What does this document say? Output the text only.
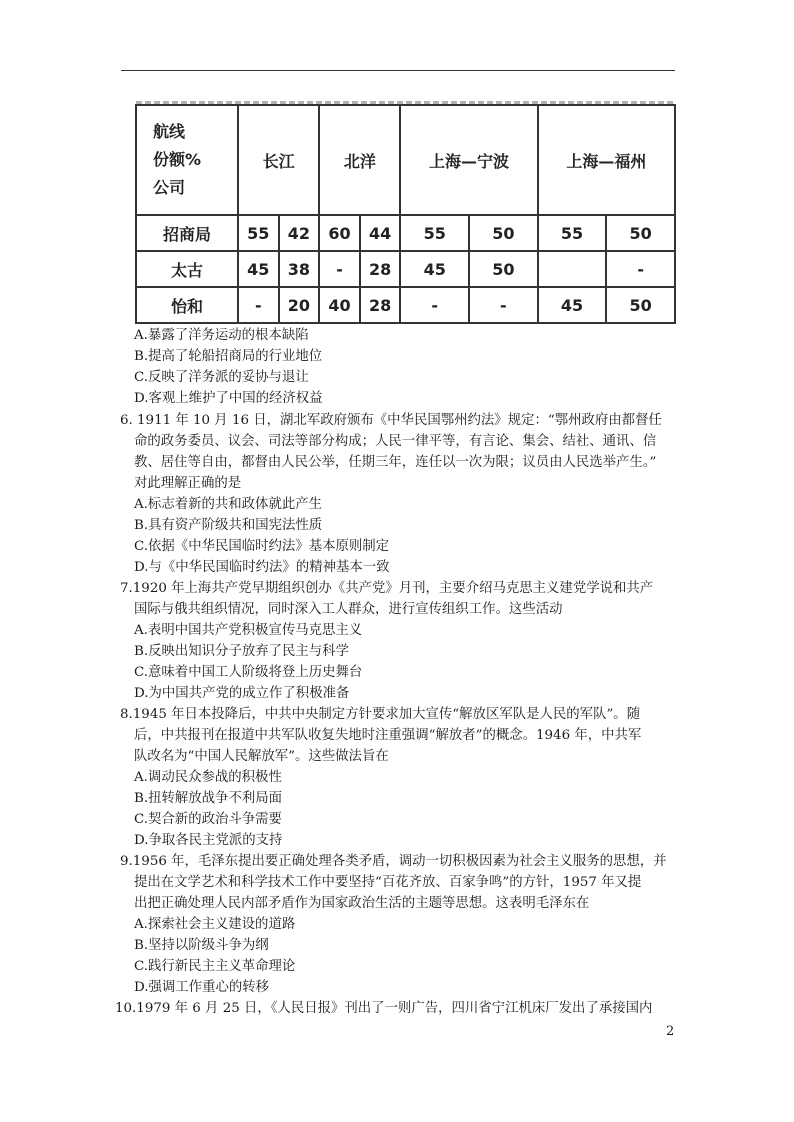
航线
份额%
公司	长江		北洋		上海—宁波		上海—福州	
招商局	55	42	60	44	55	50	55	50
太古	45	38	-	28	45	50		-
怡和	-	20	40	28	-	-	45	50
A.暴露了洋务运动的根本缺陷
B.提高了轮船招商局的行业地位
C.反映了洋务派的妥协与退让
D.客观上维护了中国的经济权益
6. 1911 年 10 月 16 日，湖北军政府颁布《中华民国鄂州约法》规定：“鄂州政府由都督任
命的政务委员、议会、司法等部分构成；人民一律平等，有言论、集会、结社、通讯、信
教、居住等自由，都督由人民公举，任期三年，连任以一次为限；议员由人民选举产生。”
对此理解正确的是
A.标志着新的共和政体就此产生
B.具有资产阶级共和国宪法性质
C.依据《中华民国临时约法》基本原则制定
D.与《中华民国临时约法》的精神基本一致
7.1920 年上海共产党早期组织创办《共产党》月刊，主要介绍马克思主义建党学说和共产
国际与俄共组织情况，同时深入工人群众，进行宣传组织工作。这些活动
A.表明中国共产党积极宣传马克思主义
B.反映出知识分子放弃了民主与科学
C.意味着中国工人阶级将登上历史舞台
D.为中国共产党的成立作了积极准备
8.1945 年日本投降后，中共中央制定方针要求加大宣传“解放区军队是人民的军队”。随
后，中共报刊在报道中共军队收复失地时注重强调“解放者”的概念。1946 年，中共军
队改名为“中国人民解放军”。这些做法旨在
A.调动民众参战的积极性
B.扭转解放战争不利局面
C.契合新的政治斗争需要
D.争取各民主党派的支持
9.1956 年，毛泽东提出要正确处理各类矛盾，调动一切积极因素为社会主义服务的思想，并
提出在文学艺术和科学技术工作中要坚持“百花齐放、百家争鸣”的方针，1957 年又提
出把正确处理人民内部矛盾作为国家政治生活的主题等思想。这表明毛泽东在
A.探索社会主义建设的道路
B.坚持以阶级斗争为纲
C.践行新民主主义革命理论
D.强调工作重心的转移
10.1979 年 6 月 25 日，《人民日报》刊出了一则广告，四川省宁江机床厂发出了承接国内
2
